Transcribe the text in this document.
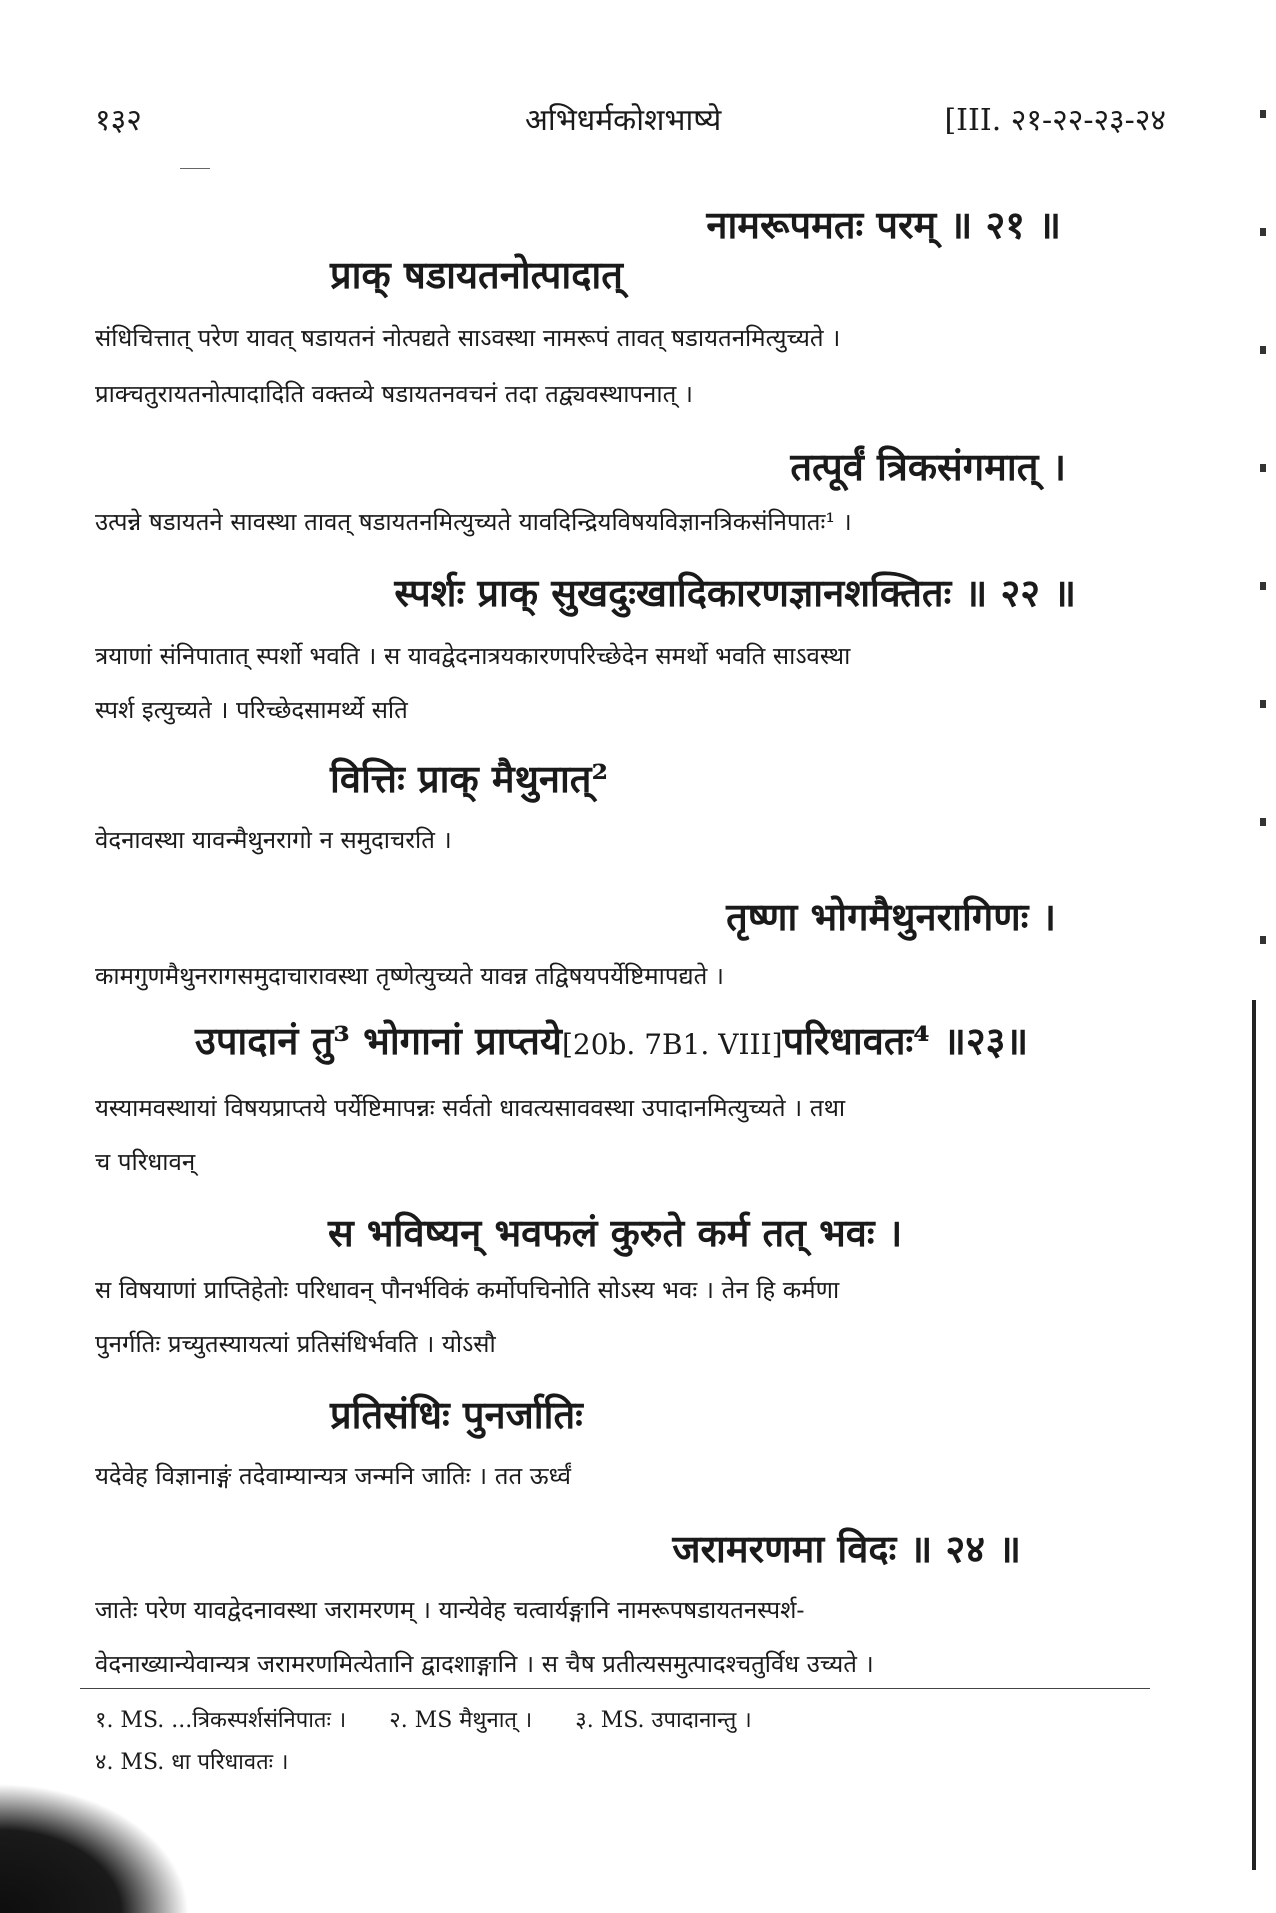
१३२	अभिधर्मकोशभाष्ये	[III. २१-२२-२३-२४
नामरूपमतः परम् ॥ २१ ॥
प्राक् षडायतनोत्पादात्
संधिचित्तात् परेण यावत् षडायतनं नोत्पद्यते साऽवस्था नामरूपं तावत् षडायतनमित्युच्यते ।
प्राक्चतुरायतनोत्पादादिति वक्तव्ये षडायतनवचनं तदा तद्व्यवस्थापनात् ।
तत्पूर्वं त्रिकसंगमात् ।
उत्पन्ने षडायतने सावस्था तावत् षडायतनमित्युच्यते यावदिन्द्रियविषयविज्ञानत्रिकसंनिपातः¹ ।
स्पर्शः प्राक् सुखदुःखादिकारणज्ञानशक्तितः ॥ २२ ॥
त्रयाणां संनिपातात् स्पर्शो भवति । स यावद्वेदनात्रयकारणपरिच्छेदेन समर्थो भवति साऽवस्था
स्पर्श इत्युच्यते । परिच्छेदसामर्थ्ये सति
वित्तिः प्राक् मैथुनात्²
वेदनावस्था यावन्मैथुनरागो न समुदाचरति ।
तृष्णा भोगमैथुनरागिणः ।
कामगुणमैथुनरागसमुदाचारावस्था तृष्णेत्युच्यते यावन्न तद्विषयपर्येष्टिमापद्यते ।
उपादानं तु³ भोगानां प्राप्तये[20b. 7B1. VIII]परिधावतः⁴ ॥२३॥
यस्यामवस्थायां विषयप्राप्तये पर्येष्टिमापन्नः सर्वतो धावत्यसाववस्था उपादानमित्युच्यते । तथा
च परिधावन्
स भविष्यन् भवफलं कुरुते कर्म तत् भवः ।
स विषयाणां प्राप्तिहेतोः परिधावन् पौनर्भविकं कर्मोपचिनोति सोऽस्य भवः । तेन हि कर्मणा
पुनर्गतिः प्रच्युतस्यायत्यां प्रतिसंधिर्भवति । योऽसौ
प्रतिसंधिः पुनर्जातिः
यदेवेह विज्ञानाङ्गं तदेवाम्यान्यत्र जन्मनि जातिः । तत ऊर्ध्वं
जरामरणमा विदः ॥ २४ ॥
जातेः परेण यावद्वेदनावस्था जरामरणम् । यान्येवेह चत्वार्यङ्गानि नामरूपषडायतनस्पर्श-
वेदनाख्यान्येवान्यत्र जरामरणमित्येतानि द्वादशाङ्गानि । स चैष प्रतीत्यसमुत्पादश्चतुर्विध उच्यते ।
१. MS. ...त्रिकस्पर्शसंनिपातः । २. MS मैथुनात् । ३. MS. उपादानान्तु ।
४. MS. धा परिधावतः ।
